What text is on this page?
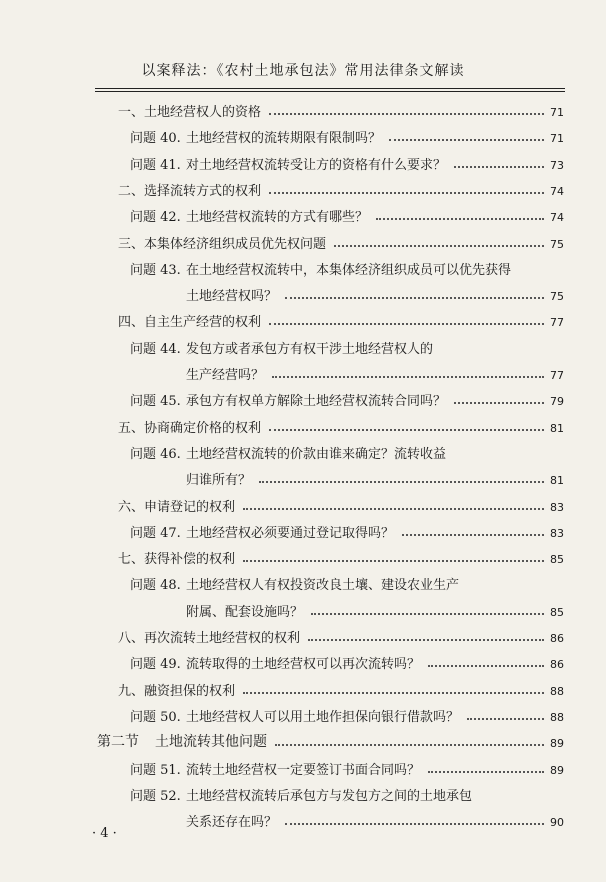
以案释法：《农村土地承包法》常用法律条文解读
一、 土地经营权人的资格	71
问题 40. 土地经营权的流转期限有限制吗？	71
问题 41. 对土地经营权流转受让方的资格有什么要求？	73
二、 选择流转方式的权利	74
问题 42. 土地经营权流转的方式有哪些？	74
三、 本集体经济组织成员优先权问题	75
问题 43. 在土地经营权流转中，本集体经济组织成员可以优先获得
土地经营权吗？	75
四、 自主生产经营的权利	77
问题 44. 发包方或者承包方有权干涉土地经营权人的
生产经营吗？	77
问题 45. 承包方有权单方解除土地经营权流转合同吗？	79
五、 协商确定价格的权利	81
问题 46. 土地经营权流转的价款由谁来确定？流转收益
归谁所有？	81
六、 申请登记的权利	83
问题 47. 土地经营权必须要通过登记取得吗？	83
七、 获得补偿的权利	85
问题 48. 土地经营权人有权投资改良土壤、建设农业生产
附属、配套设施吗？	85
八、 再次流转土地经营权的权利	86
问题 49. 流转取得的土地经营权可以再次流转吗？	86
九、 融资担保的权利	88
问题 50. 土地经营权人可以用土地作担保向银行借款吗？	88
第二节	土地流转其他问题	89
问题 51. 流转土地经营权一定要签订书面合同吗？	89
问题 52. 土地经营权流转后承包方与发包方之间的土地承包
关系还存在吗？	90
· 4 ·
